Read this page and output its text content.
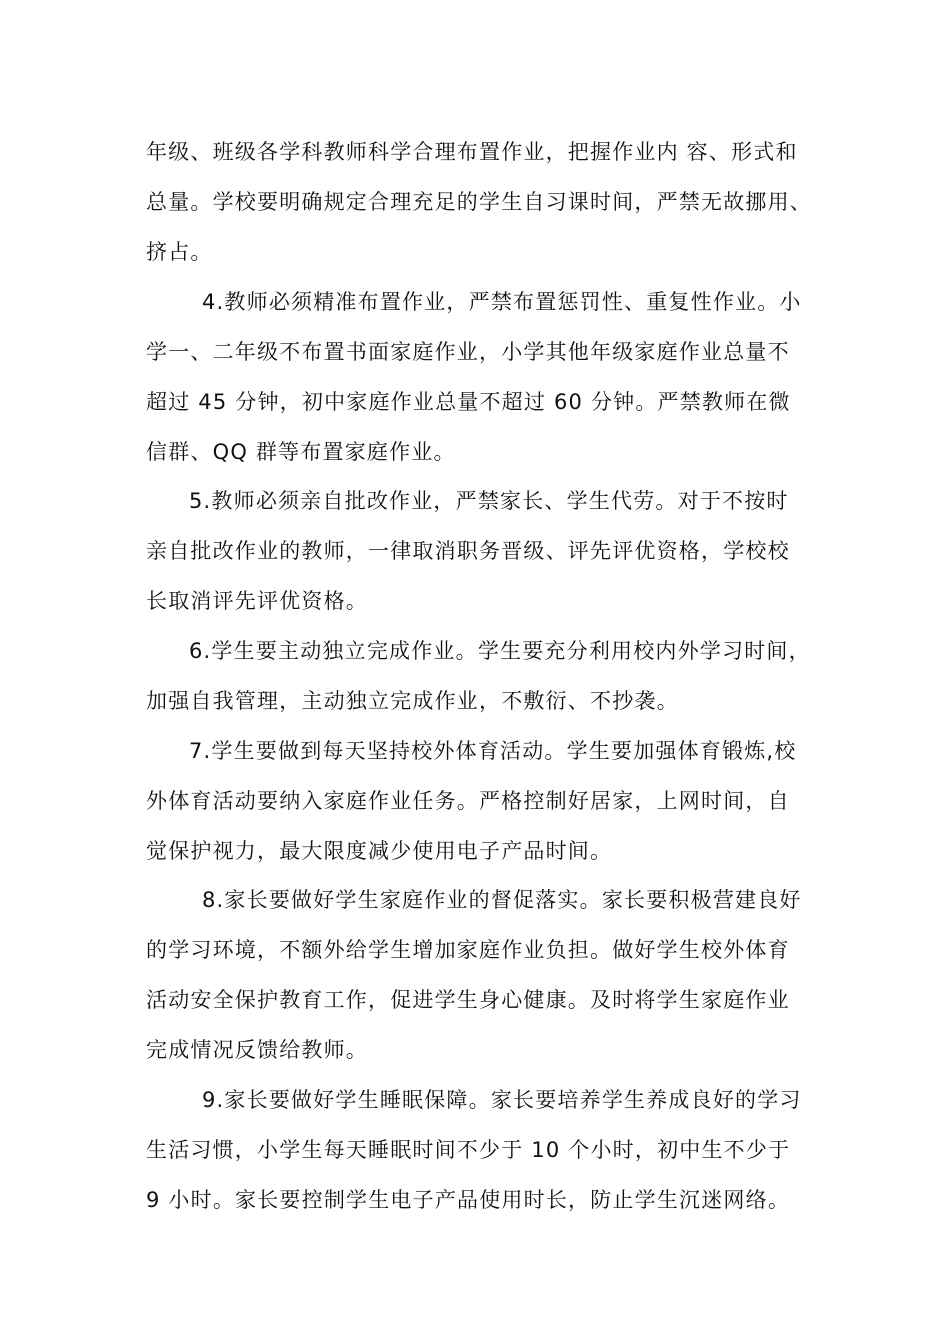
年级、班级各学科教师科学合理布置作业，把握作业内 容、形式和
总量。学校要明确规定合理充足的学生自习课时间，严禁无故挪用、
挤占。
4.教师必须精准布置作业，严禁布置惩罚性、重复性作业。小
学一、二年级不布置书面家庭作业，小学其他年级家庭作业总量不
超过 45 分钟，初中家庭作业总量不超过 60 分钟。严禁教师在微
信群、QQ 群等布置家庭作业。
5.教师必须亲自批改作业，严禁家长、学生代劳。对于不按时
亲自批改作业的教师，一律取消职务晋级、评先评优资格，学校校
长取消评先评优资格。
6.学生要主动独立完成作业。学生要充分利用校内外学习时间，
加强自我管理，主动独立完成作业，不敷衍、不抄袭。
7.学生要做到每天坚持校外体育活动。学生要加强体育锻炼,校
外体育活动要纳入家庭作业任务。严格控制好居家，上网时间，自
觉保护视力，最大限度减少使用电子产品时间。
8.家长要做好学生家庭作业的督促落实。家长要积极营建良好
的学习环境，不额外给学生增加家庭作业负担。做好学生校外体育
活动安全保护教育工作，促进学生身心健康。及时将学生家庭作业
完成情况反馈给教师。
9.家长要做好学生睡眠保障。家长要培养学生养成良好的学习
生活习惯，小学生每天睡眠时间不少于 10 个小时，初中生不少于
9 小时。家长要控制学生电子产品使用时长，防止学生沉迷网络。
